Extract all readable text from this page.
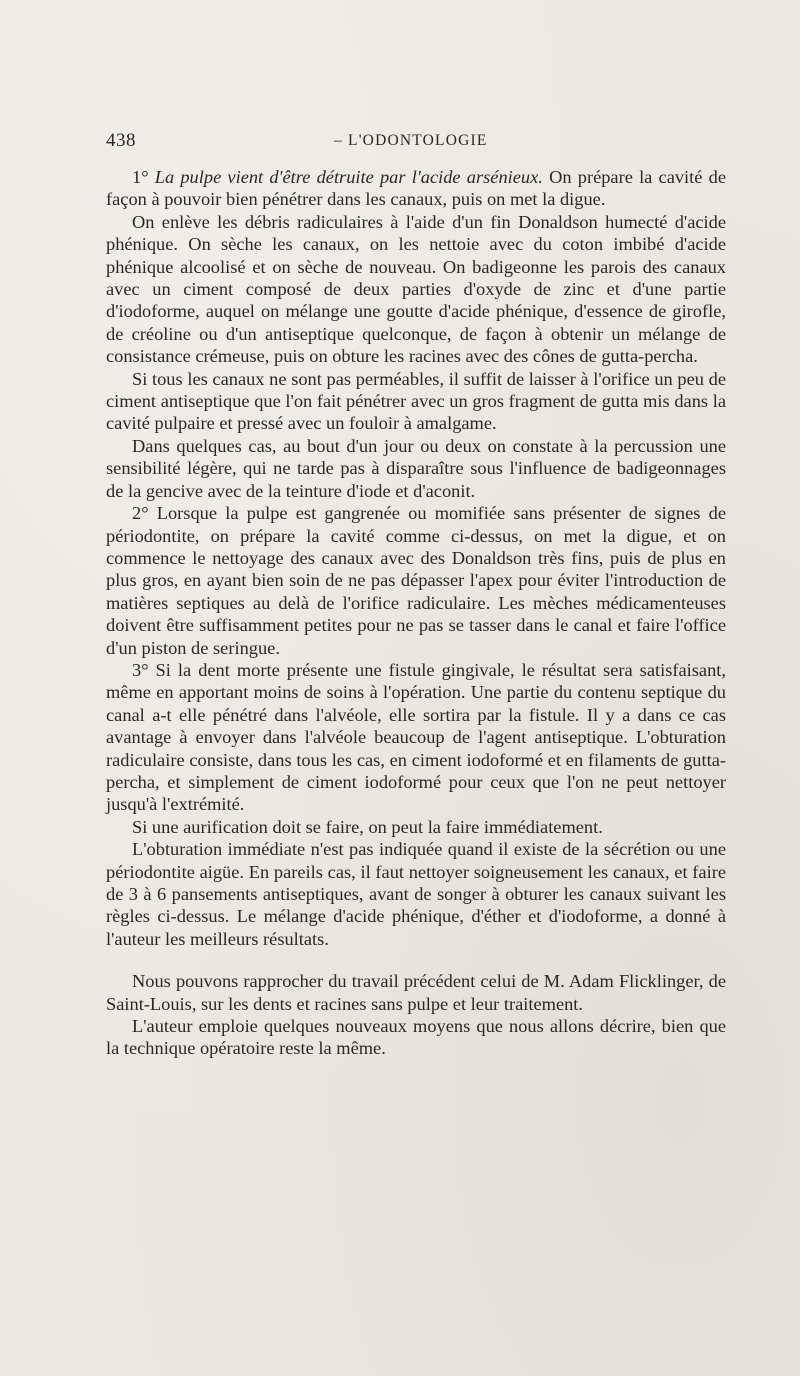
438	– L'ODONTOLOGIE

1° La pulpe vient d'être détruite par l'acide arsénieux. On prépare la cavité de façon à pouvoir bien pénétrer dans les canaux, puis on met la digue.

On enlève les débris radiculaires à l'aide d'un fin Donaldson humecté d'acide phénique. On sèche les canaux, on les nettoie avec du coton imbibé d'acide phénique alcoolisé et on sèche de nouveau. On badigeonne les parois des canaux avec un ciment composé de deux parties d'oxyde de zinc et d'une partie d'iodoforme, auquel on mélange une goutte d'acide phénique, d'essence de girofle, de créoline ou d'un antiseptique quelconque, de façon à obtenir un mélange de consistance crémeuse, puis on obture les racines avec des cônes de gutta-percha.

Si tous les canaux ne sont pas perméables, il suffit de laisser à l'orifice un peu de ciment antiseptique que l'on fait pénétrer avec un gros fragment de gutta mis dans la cavité pulpaire et pressé avec un fouloir à amalgame.

Dans quelques cas, au bout d'un jour ou deux on constate à la percussion une sensibilité légère, qui ne tarde pas à disparaître sous l'influence de badigeonnages de la gencive avec de la teinture d'iode et d'aconit.

2° Lorsque la pulpe est gangrenée ou momifiée sans présenter de signes de périodontite, on prépare la cavité comme ci-dessus, on met la digue, et on commence le nettoyage des canaux avec des Donaldson très fins, puis de plus en plus gros, en ayant bien soin de ne pas dépasser l'apex pour éviter l'introduction de matières septiques au delà de l'orifice radiculaire. Les mèches médicamenteuses doivent être suffisamment petites pour ne pas se tasser dans le canal et faire l'office d'un piston de seringue.

3° Si la dent morte présente une fistule gingivale, le résultat sera satisfaisant, même en apportant moins de soins à l'opération. Une partie du contenu septique du canal a-t elle pénétré dans l'alvéole, elle sortira par la fistule. Il y a dans ce cas avantage à envoyer dans l'alvéole beaucoup de l'agent antiseptique. L'obturation radiculaire consiste, dans tous les cas, en ciment iodoformé et en filaments de gutta-percha, et simplement de ciment iodoformé pour ceux que l'on ne peut nettoyer jusqu'à l'extrémité.

Si une aurification doit se faire, on peut la faire immédiatement.

L'obturation immédiate n'est pas indiquée quand il existe de la sécrétion ou une périodontite aigüe. En pareils cas, il faut nettoyer soigneusement les canaux, et faire de 3 à 6 pansements antiseptiques, avant de songer à obturer les canaux suivant les règles ci-dessus. Le mélange d'acide phénique, d'éther et d'iodoforme, a donné à l'auteur les meilleurs résultats.

Nous pouvons rapprocher du travail précédent celui de M. Adam Flicklinger, de Saint-Louis, sur les dents et racines sans pulpe et leur traitement.

L'auteur emploie quelques nouveaux moyens que nous allons décrire, bien que la technique opératoire reste la même.
